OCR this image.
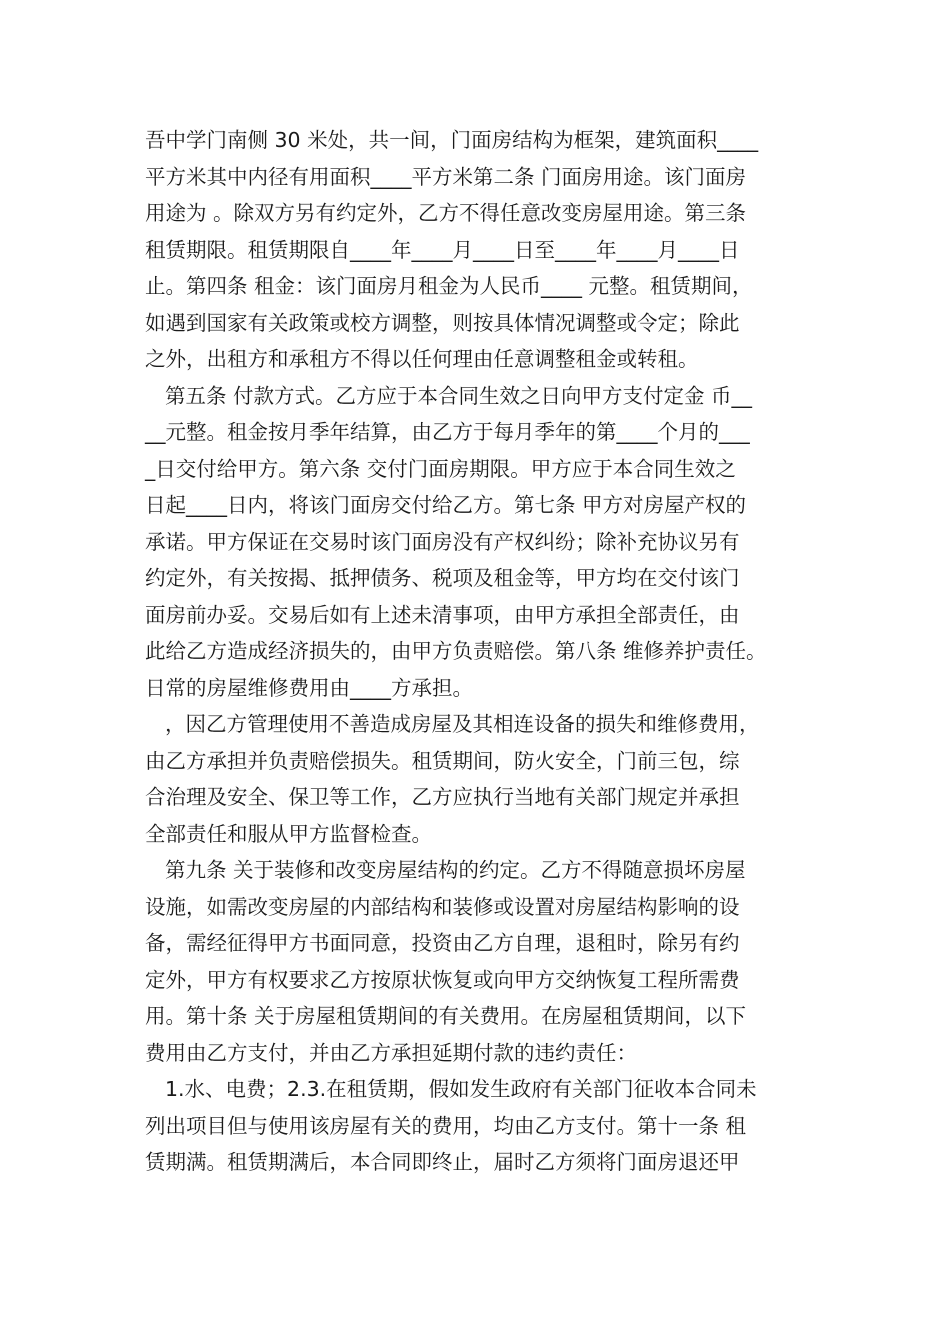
吾中学门南侧 30 米处，共一间，门面房结构为框架，建筑面积____
平方米其中内径有用面积____平方米第二条 门面房用途。该门面房
用途为 。除双方另有约定外，乙方不得任意改变房屋用途。第三条
租赁期限。租赁期限自____年____月____日至____年____月____日
止。第四条 租金：该门面房月租金为人民币____ 元整。租赁期间，
如遇到国家有关政策或校方调整，则按具体情况调整或令定；除此
之外，出租方和承租方不得以任何理由任意调整租金或转租。
第五条 付款方式。乙方应于本合同生效之日向甲方支付定金 币__
__元整。租金按月季年结算，由乙方于每月季年的第____个月的___
_日交付给甲方。第六条 交付门面房期限。甲方应于本合同生效之
日起____日内，将该门面房交付给乙方。第七条 甲方对房屋产权的
承诺。甲方保证在交易时该门面房没有产权纠纷；除补充协议另有
约定外，有关按揭、抵押债务、税项及租金等，甲方均在交付该门
面房前办妥。交易后如有上述未清事项，由甲方承担全部责任，由
此给乙方造成经济损失的，由甲方负责赔偿。第八条 维修养护责任。
日常的房屋维修费用由____方承担。
，因乙方管理使用不善造成房屋及其相连设备的损失和维修费用，
由乙方承担并负责赔偿损失。租赁期间，防火安全，门前三包，综
合治理及安全、保卫等工作，乙方应执行当地有关部门规定并承担
全部责任和服从甲方监督检查。
第九条 关于装修和改变房屋结构的约定。乙方不得随意损坏房屋
设施，如需改变房屋的内部结构和装修或设置对房屋结构影响的设
备，需经征得甲方书面同意，投资由乙方自理，退租时，除另有约
定外，甲方有权要求乙方按原状恢复或向甲方交纳恢复工程所需费
用。第十条 关于房屋租赁期间的有关费用。在房屋租赁期间，以下
费用由乙方支付，并由乙方承担延期付款的违约责任：
1.水、电费；2.3.在租赁期，假如发生政府有关部门征收本合同未
列出项目但与使用该房屋有关的费用，均由乙方支付。第十一条 租
赁期满。租赁期满后，本合同即终止，届时乙方须将门面房退还甲
